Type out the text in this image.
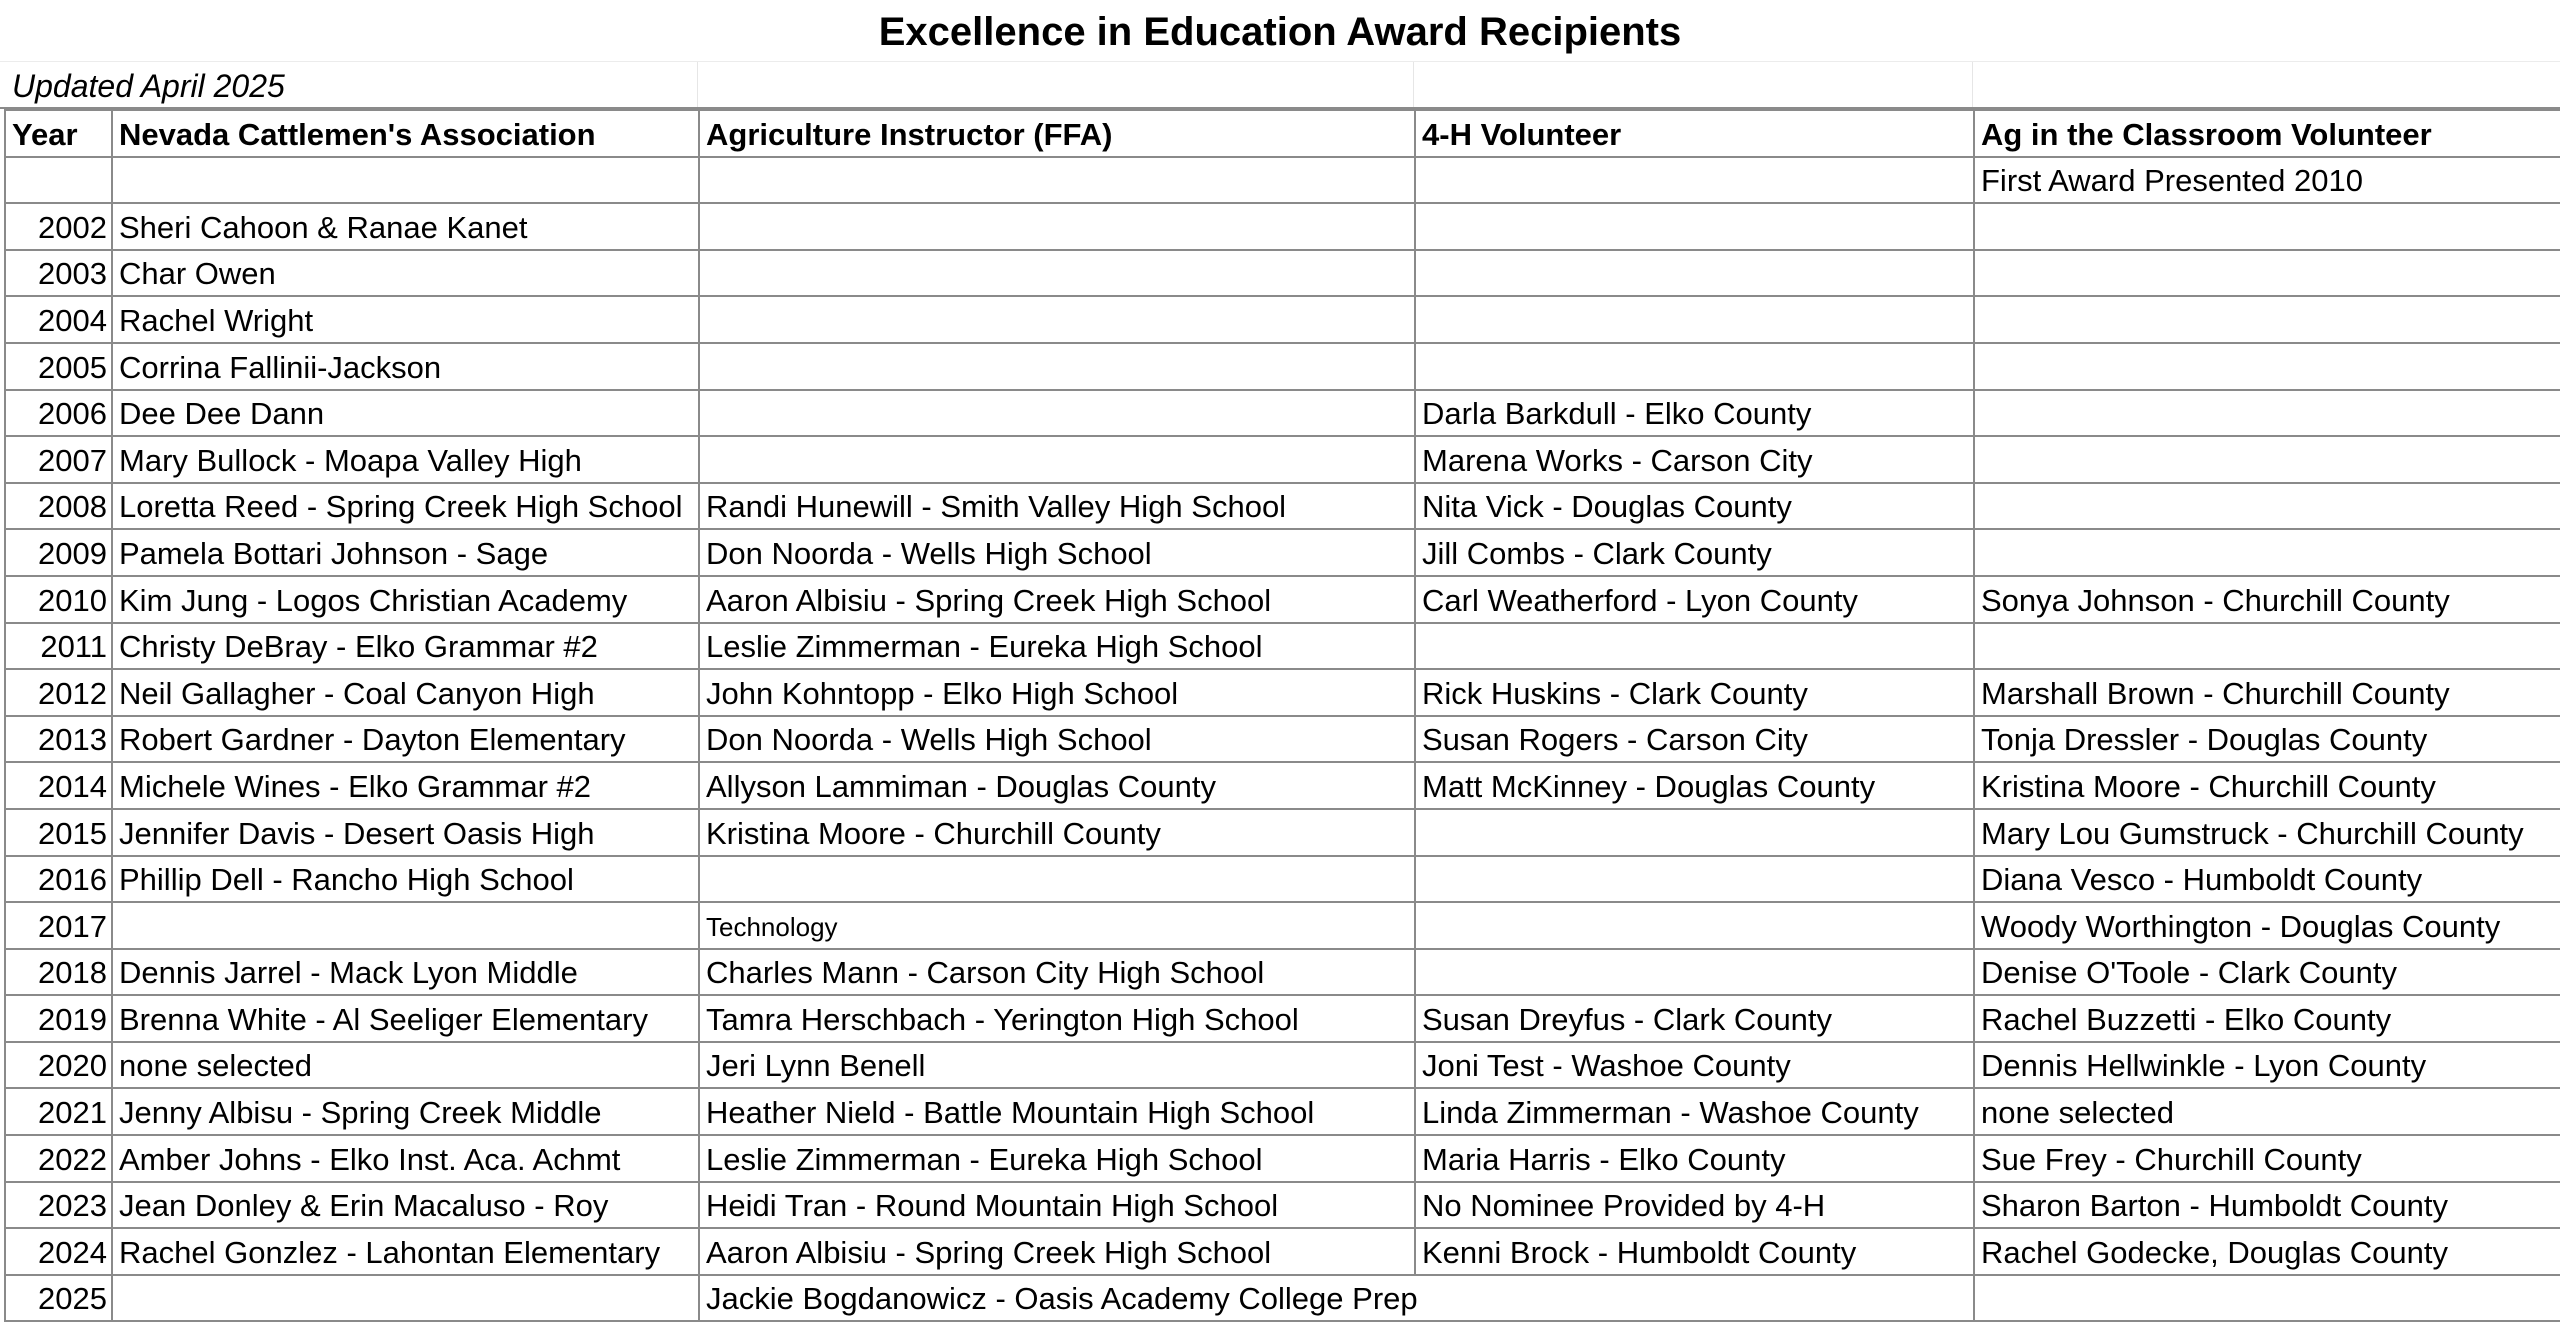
Excellence in Education Award Recipients
Updated April 2025
Year	Nevada Cattlemen's Association	Agriculture Instructor (FFA)	4-H Volunteer	Ag in the Classroom Volunteer
				First Award Presented 2010
2002	Sheri Cahoon & Ranae Kanet			
2003	Char Owen			
2004	Rachel Wright			
2005	Corrina Fallinii-Jackson			
2006	Dee Dee Dann		Darla Barkdull - Elko County	
2007	Mary Bullock - Moapa Valley High		Marena Works - Carson City	
2008	Loretta Reed - Spring Creek High School	Randi Hunewill - Smith Valley High School	Nita Vick - Douglas County	
2009	Pamela Bottari Johnson - Sage	Don Noorda - Wells High School	Jill Combs - Clark County	
2010	Kim Jung - Logos Christian Academy	Aaron Albisiu - Spring Creek High School	Carl Weatherford - Lyon County	Sonya Johnson - Churchill County
2011	Christy DeBray - Elko Grammar #2	Leslie Zimmerman - Eureka High School		
2012	Neil Gallagher - Coal Canyon High	John Kohntopp - Elko High School	Rick Huskins - Clark County	Marshall Brown - Churchill County
2013	Robert Gardner - Dayton Elementary	Don Noorda - Wells High School	Susan Rogers - Carson City	Tonja Dressler - Douglas County
2014	Michele Wines - Elko Grammar #2	Allyson Lammiman - Douglas County	Matt McKinney - Douglas County	Kristina Moore - Churchill County
2015	Jennifer Davis - Desert Oasis High	Kristina Moore - Churchill County		Mary Lou Gumstruck - Churchill County
2016	Phillip Dell - Rancho High School			Diana Vesco - Humboldt County
2017		Technology		Woody Worthington - Douglas County
2018	Dennis Jarrel - Mack Lyon Middle	Charles Mann - Carson City High School		Denise O'Toole - Clark County
2019	Brenna White - Al Seeliger Elementary	Tamra Herschbach - Yerington High School	Susan Dreyfus - Clark County	Rachel Buzzetti - Elko County
2020	none selected	Jeri Lynn Benell	Joni Test - Washoe County	Dennis Hellwinkle - Lyon County
2021	Jenny Albisu - Spring Creek Middle	Heather Nield - Battle Mountain High School	Linda Zimmerman - Washoe County	none selected
2022	Amber Johns - Elko Inst. Aca. Achmt	Leslie Zimmerman - Eureka High School	Maria Harris - Elko County	Sue Frey - Churchill County
2023	Jean Donley & Erin Macaluso - Roy	Heidi Tran - Round Mountain High School	No Nominee Provided by 4-H	Sharon Barton - Humboldt County
2024	Rachel Gonzlez - Lahontan Elementary	Aaron Albisiu - Spring Creek High School	Kenni Brock - Humboldt County	Rachel Godecke, Douglas County
2025		Jackie Bogdanowicz - Oasis Academy College Prep		
